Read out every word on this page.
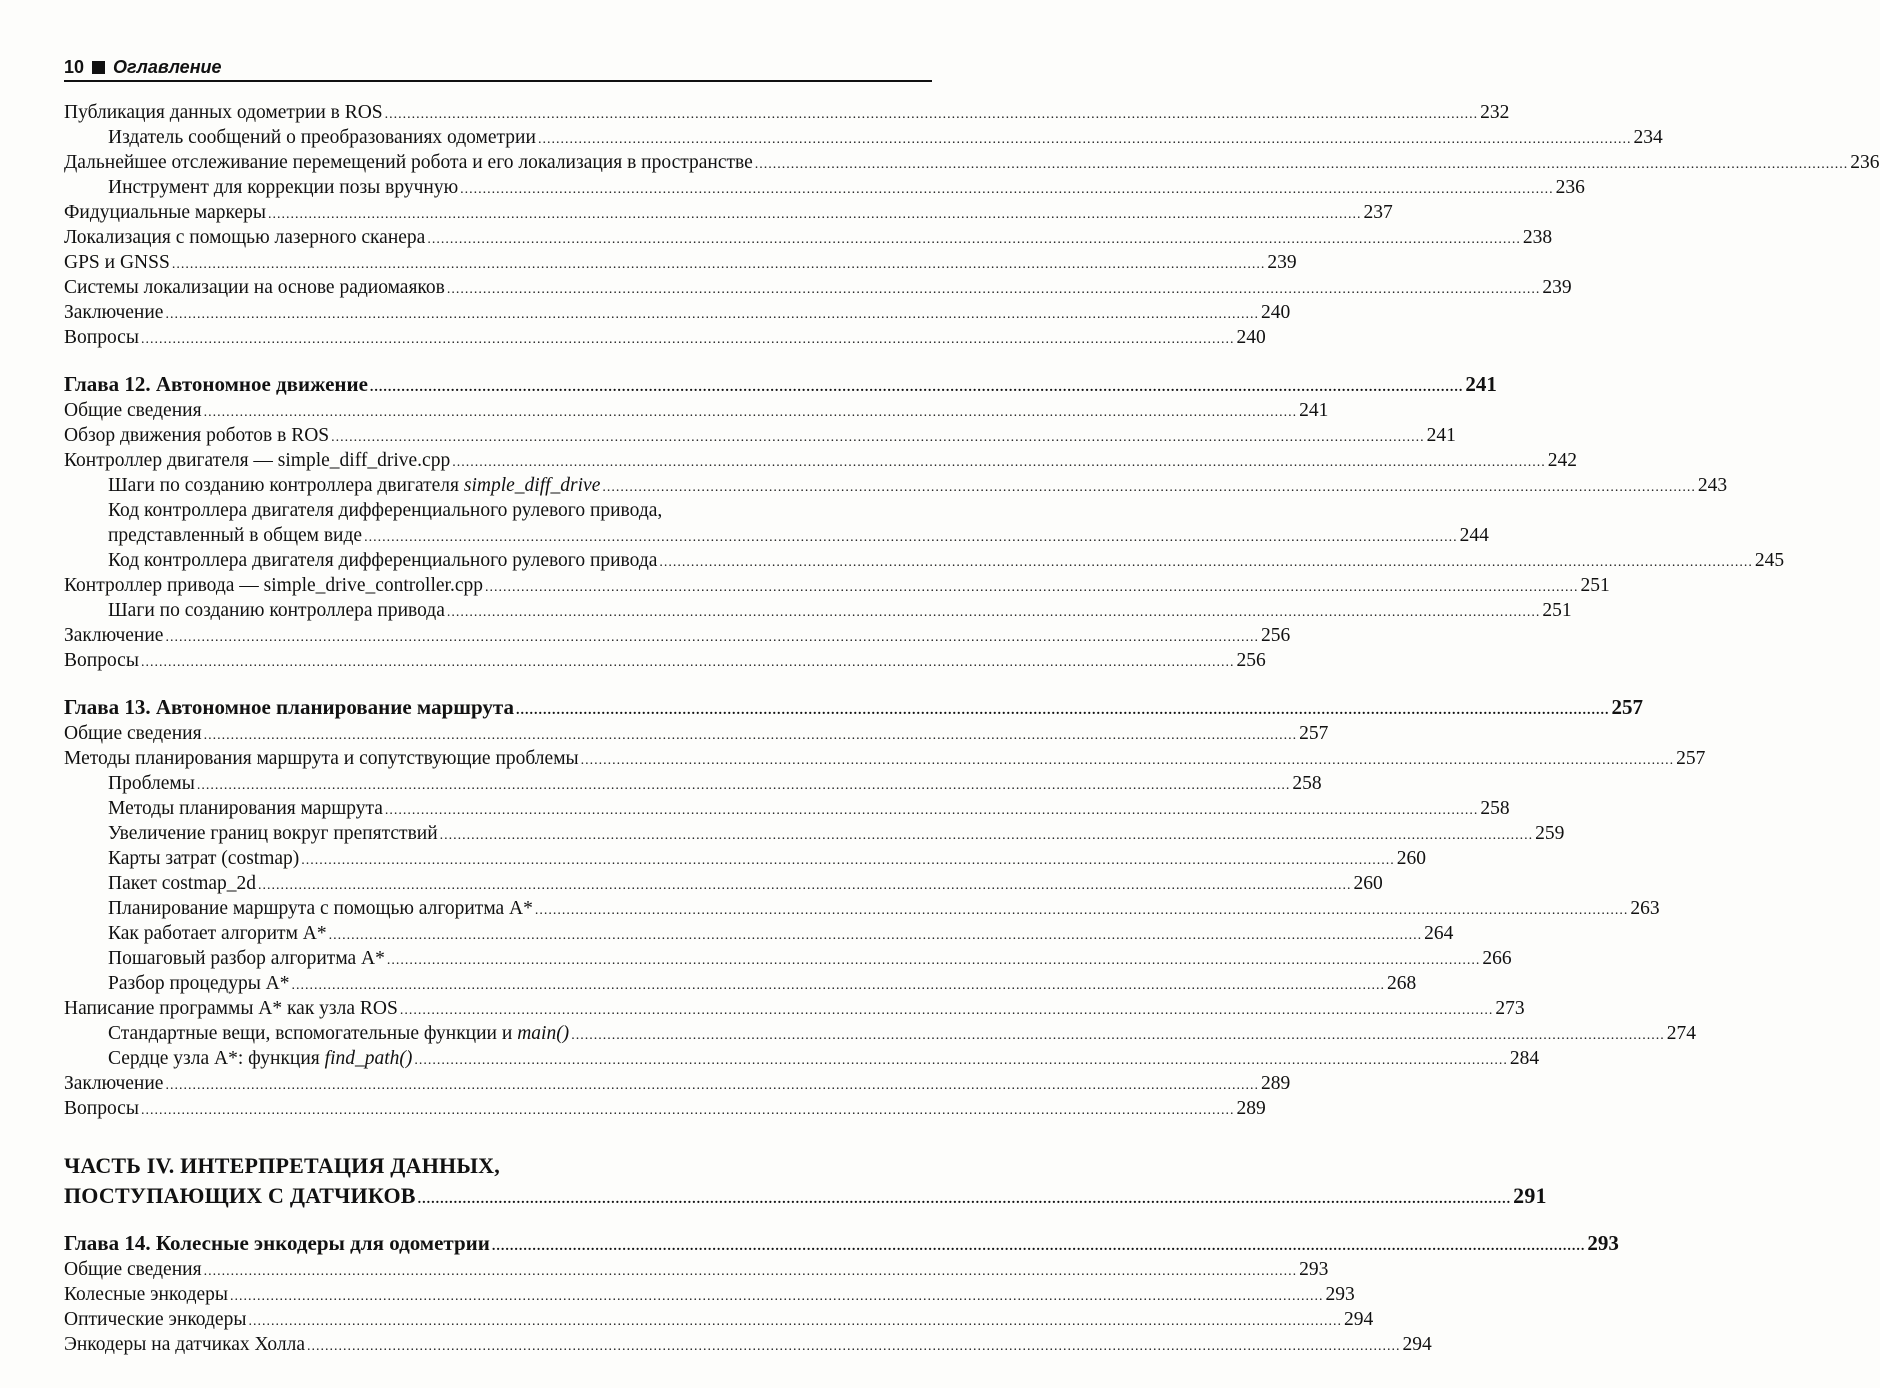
10 Оглавление
Публикация данных одометрии в ROS .....	232
Издатель сообщений о преобразованиях одометрии .....	234
Дальнейшее отслеживание перемещений робота и его локализация в пространстве .....	236
Инструмент для коррекции позы вручную .....	236
Фидуциальные маркеры .....	237
Локализация с помощью лазерного сканера .....	238
GPS и GNSS .....	239
Системы локализации на основе радиомаяков .....	239
Заключение .....	240
Вопросы .....	240
Глава 12. Автономное движение .....	241
Общие сведения .....	241
Обзор движения роботов в ROS .....	241
Контроллер двигателя — simple_diff_drive.cpp .....	242
Шаги по созданию контроллера двигателя simple_diff_drive .....	243
Код контроллера двигателя дифференциального рулевого привода,
представленный в общем виде .....	244
Код контроллера двигателя дифференциального рулевого привода .....	245
Контроллер привода — simple_drive_controller.cpp .....	251
Шаги по созданию контроллера привода .....	251
Заключение .....	256
Вопросы .....	256
Глава 13. Автономное планирование маршрута .....	257
Общие сведения .....	257
Методы планирования маршрута и сопутствующие проблемы .....	257
Проблемы .....	258
Методы планирования маршрута .....	258
Увеличение границ вокруг препятствий .....	259
Карты затрат (costmap) .....	260
Пакет costmap_2d .....	260
Планирование маршрута с помощью алгоритма A* .....	263
Как работает алгоритм A* .....	264
Пошаговый разбор алгоритма A* .....	266
Разбор процедуры A* .....	268
Написание программы A* как узла ROS .....	273
Стандартные вещи, вспомогательные функции и main() .....	274
Сердце узла A*: функция find_path() .....	284
Заключение .....	289
Вопросы .....	289
ЧАСТЬ IV. ИНТЕРПРЕТАЦИЯ ДАННЫХ,
ПОСТУПАЮЩИХ С ДАТЧИКОВ .....	291
Глава 14. Колесные энкодеры для одометрии .....	293
Общие сведения .....	293
Колесные энкодеры .....	293
Оптические энкодеры .....	294
Энкодеры на датчиках Холла .....	294
